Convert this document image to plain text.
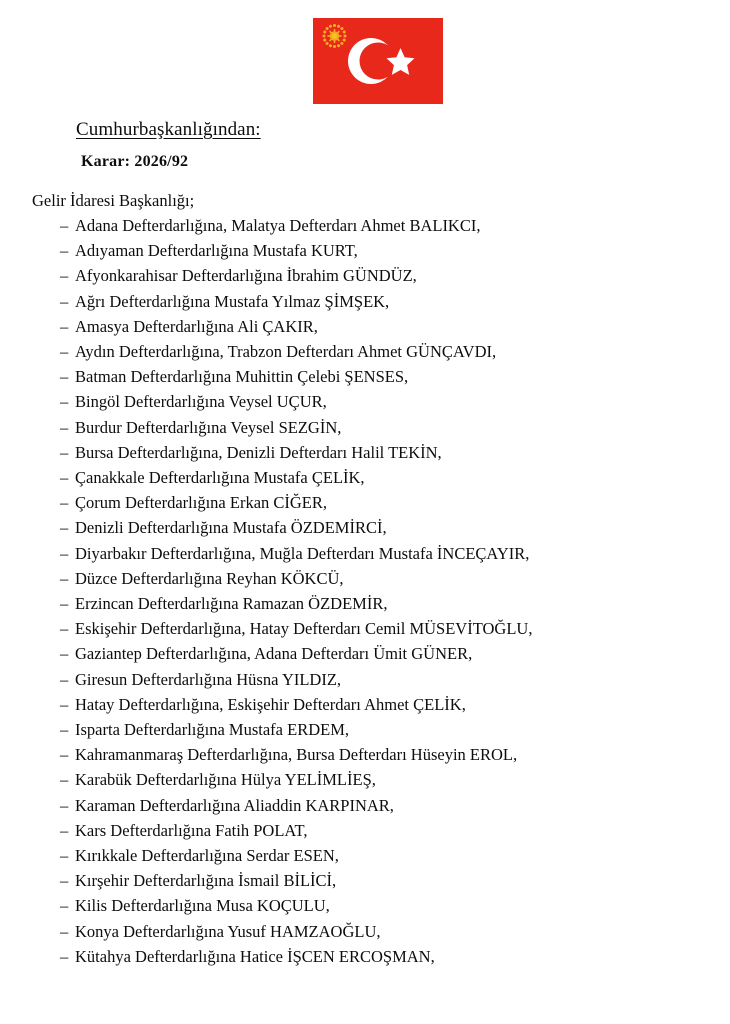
Cumhurbaşkanlığından:
Karar: 2026/92

Gelir İdaresi Başkanlığı;

– Adana Defterdarlığına, Malatya Defterdarı Ahmet BALIKCI,
– Adıyaman Defterdarlığına Mustafa KURT,
– Afyonkarahisar Defterdarlığına İbrahim GÜNDÜZ,
– Ağrı Defterdarlığına Mustafa Yılmaz ŞİMŞEK,
– Amasya Defterdarlığına Ali ÇAKIR,
– Aydın Defterdarlığına, Trabzon Defterdarı Ahmet GÜNÇAVDI,
– Batman Defterdarlığına Muhittin Çelebi ŞENSES,
– Bingöl Defterdarlığına Veysel UÇUR,
– Burdur Defterdarlığına Veysel SEZGİN,
– Bursa Defterdarlığına, Denizli Defterdarı Halil TEKİN,
– Çanakkale Defterdarlığına Mustafa ÇELİK,
– Çorum Defterdarlığına Erkan CİĞER,
– Denizli Defterdarlığına Mustafa ÖZDEMİRCİ,
– Diyarbakır Defterdarlığına, Muğla Defterdarı Mustafa İNCEÇAYIR,
– Düzce Defterdarlığına Reyhan KÖKCÜ,
– Erzincan Defterdarlığına Ramazan ÖZDEMİR,
– Eskişehir Defterdarlığına, Hatay Defterdarı Cemil MÜSEVİTOĞLU,
– Gaziantep Defterdarlığına, Adana Defterdarı Ümit GÜNER,
– Giresun Defterdarlığına Hüsna YILDIZ,
– Hatay Defterdarlığına, Eskişehir Defterdarı Ahmet ÇELİK,
– Isparta Defterdarlığına Mustafa ERDEM,
– Kahramanmaraş Defterdarlığına, Bursa Defterdarı Hüseyin EROL,
– Karabük Defterdarlığına Hülya YELİMLİEŞ,
– Karaman Defterdarlığına Aliaddin KARPINAR,
– Kars Defterdarlığına Fatih POLAT,
– Kırıkkale Defterdarlığına Serdar ESEN,
– Kırşehir Defterdarlığına İsmail BİLİCİ,
– Kilis Defterdarlığına Musa KOÇULU,
– Konya Defterdarlığına Yusuf HAMZAOĞLU,
– Kütahya Defterdarlığına Hatice İŞCEN ERCOŞMAN,
